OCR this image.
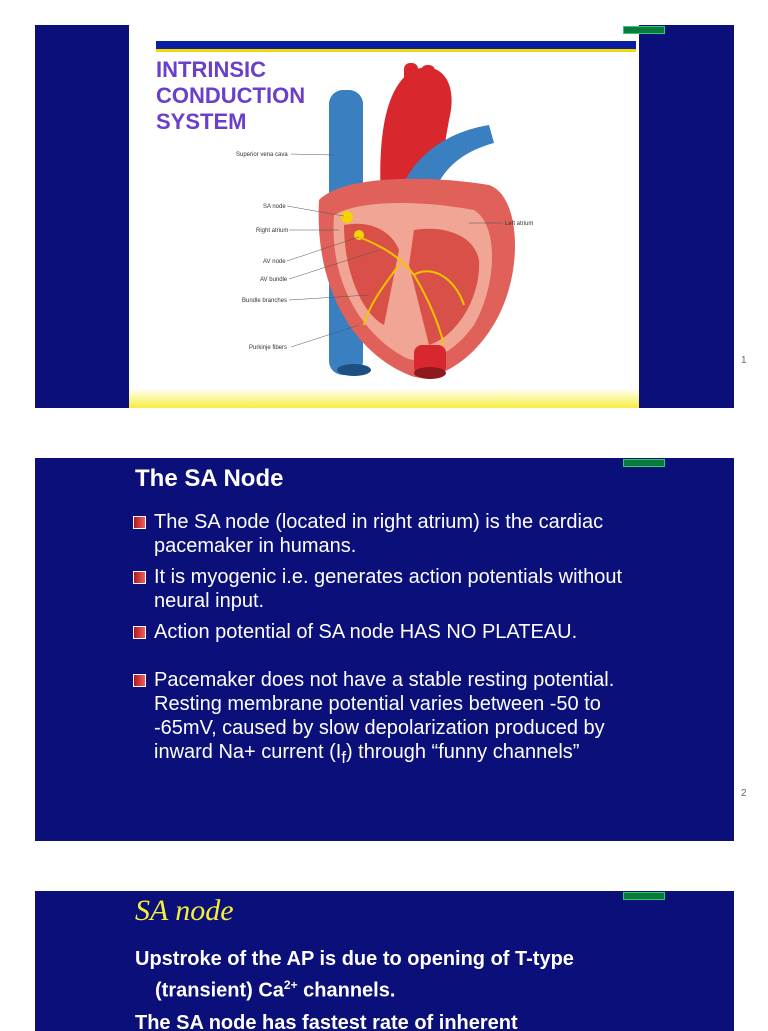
INTRINSIC
CONDUCTION
SYSTEM
Superior vena cava
SA node
Right atrium
AV node
AV bundle
Bundle branches
Purkinje fibers
Left atrium
1
The SA Node
The SA node (located in right atrium) is the cardiac pacemaker in humans.
It is myogenic i.e. generates action potentials without neural input.
Action potential of SA node HAS NO PLATEAU.
Pacemaker does not have a stable resting potential. Resting membrane potential varies between -50 to -65mV, caused by slow depolarization produced by inward Na+ current $(I_f)$ through “funny channels”
2
SA node
Upstroke of the AP is due to opening of T-type
(transient) $Ca^{2+}$ channels.
The SA node has fastest rate of inherent
